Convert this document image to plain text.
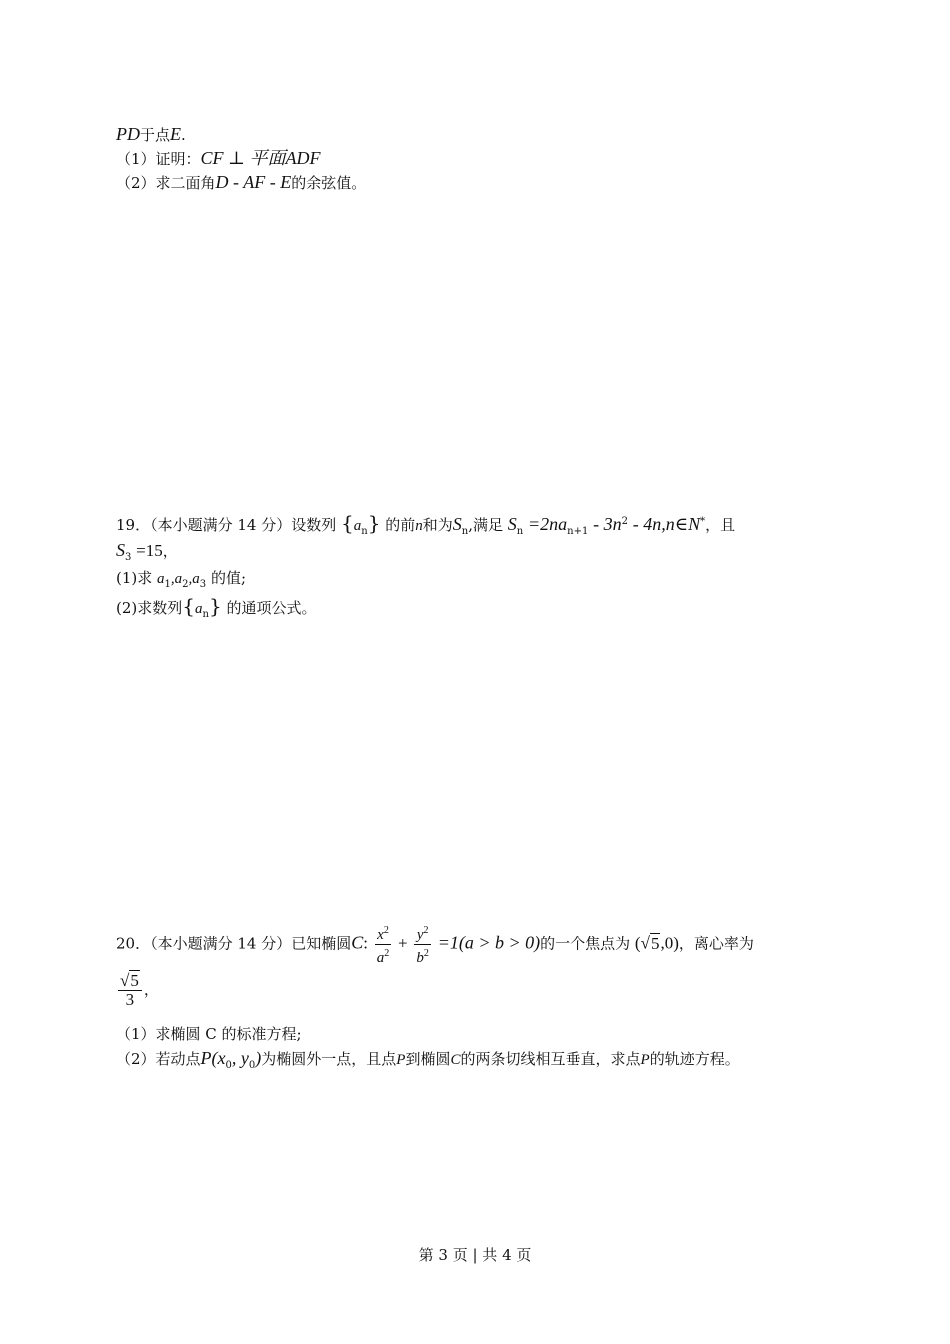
PD于点E.
（1）证明：CF ⊥ 平面ADF
（2）求二面角D - AF - E的余弦值。
19．（本小题满分 14 分）设数列 $\{a_n\}$ 的前n和为$S_n$,满足 $S_n =2na_{n+1} - 3n^2$ - 4n,n∈N*，且
$S_3 =15$，
(1)求 $a_1,a_2,a_3$ 的值;
(2)求数列$\{a_n\}$ 的通项公式。
20．（本小题满分 14 分）已知椭圆C: $\frac{x^2}{a^2} + \frac{y^2}{b^2} =1(a > b > 0)$的一个焦点为 (√5,0)，离心率为
$\frac{√5}{3}$ ，
（1）求椭圆 C 的标准方程;
（2）若动点$P(x_0$, $y_0$)为椭圆外一点，且点P到椭圆C的两条切线相互垂直，求点P的轨迹方程。
第 3 页 | 共 4 页
